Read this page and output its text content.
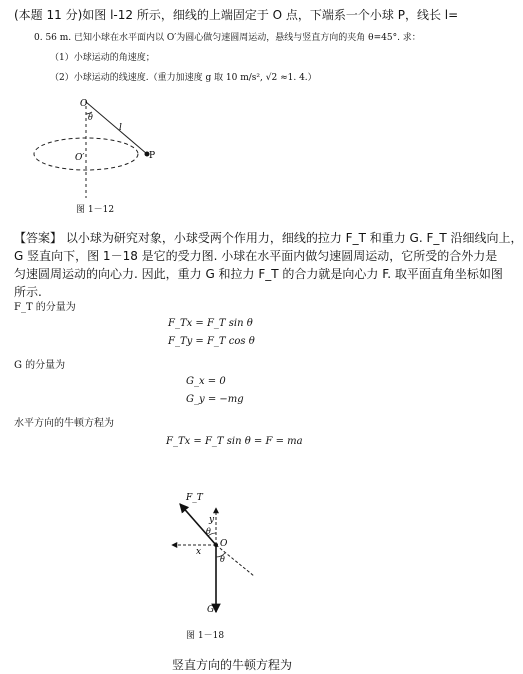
(本题 11 分)如图 l-12 所示，细线的上端固定于 O 点，下端系一个小球 P，线长 l=
0. 56 m. 已知小球在水平面内以 O′为圆心做匀速圆周运动，悬线与竖直方向的夹角 θ=45°. 求：
（1）小球运动的角速度；
（2）小球运动的线速度.（重力加速度 g 取 10 m/s², √2 ≈1. 4.）
O
θ
l
O′	P
图 1－12
【答案】 以小球为研究对象，小球受两个作用力，细线的拉力 F_T 和重力 G. F_T 沿细线向上，
G 竖直向下，图 1－18 是它的受力图. 小球在水平面内做匀速圆周运动，它所受的合外力是
匀速圆周运动的向心力. 因此，重力 G 和拉力 F_T 的合力就是向心力 F. 取平面直角坐标如图
所示.
F_T 的分量为
F_Tx = F_T sin θ
F_Ty = F_T cos θ
G 的分量为
G_x = 0
G_y = −mg
水平方向的牛顿方程为
F_Tx = F_T sin θ = F = ma
F_T
y
x
O
θ
θ
G
图 1－18
竖直方向的牛顿方程为
